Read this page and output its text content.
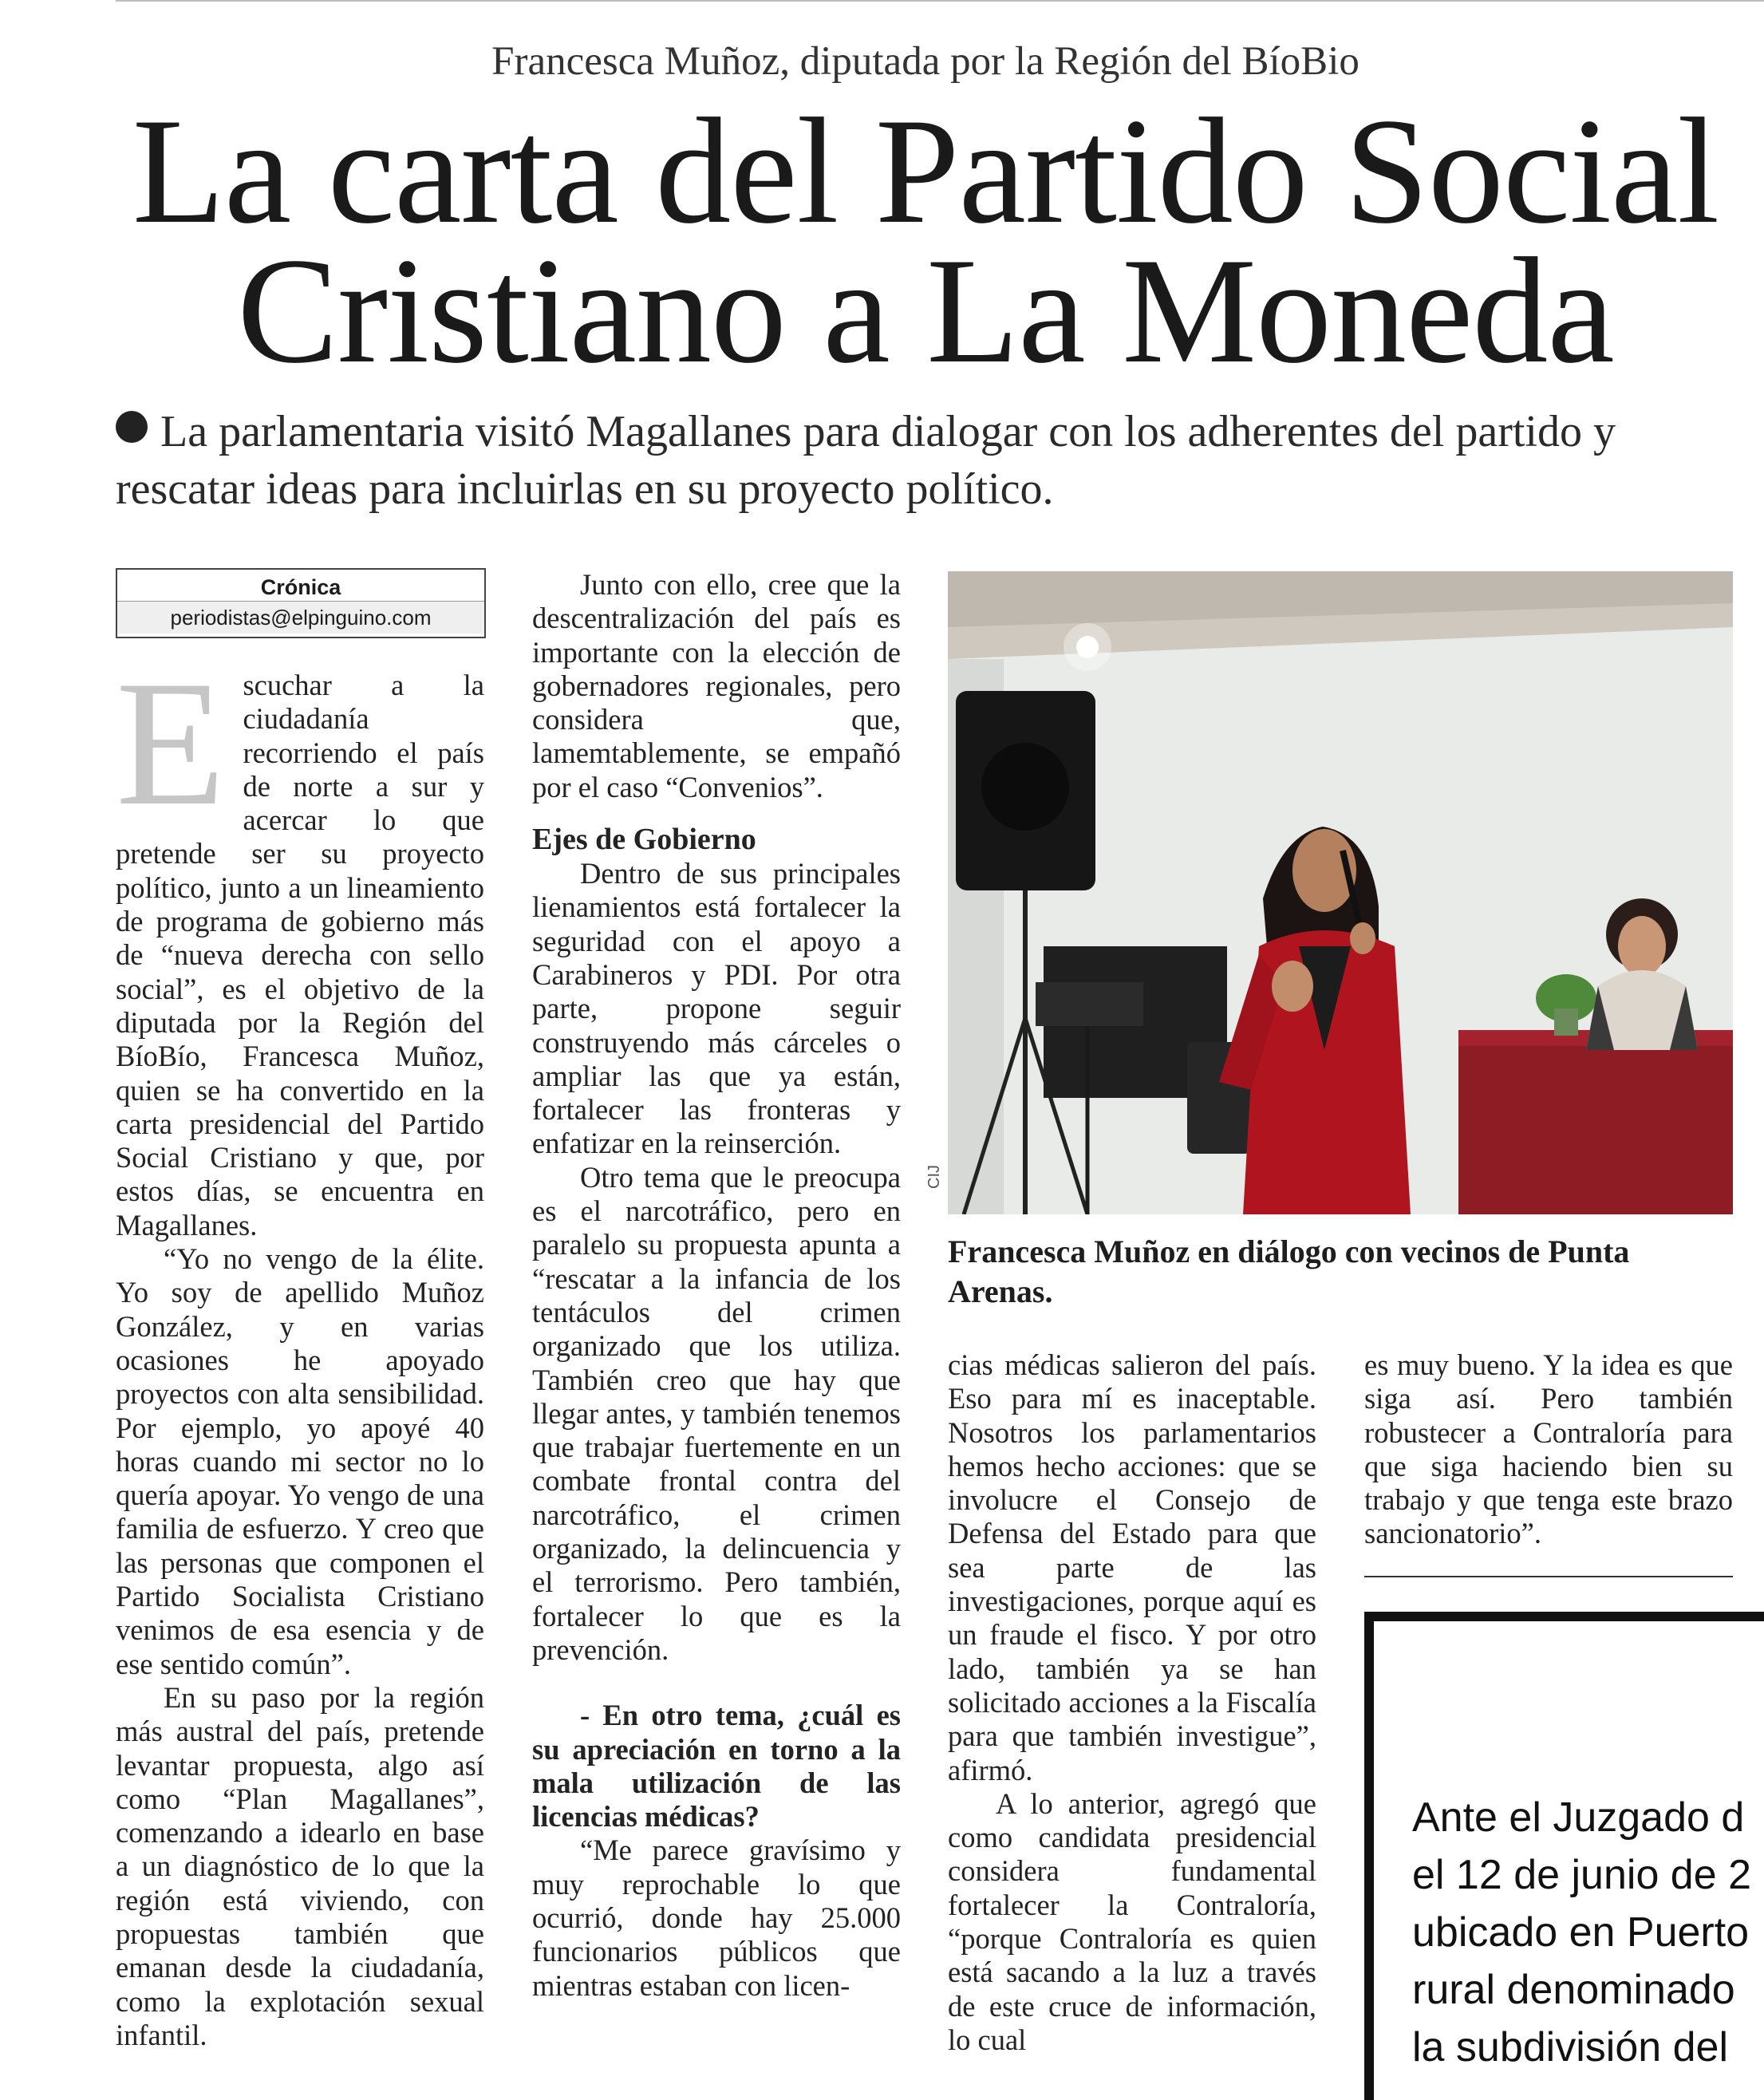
Francesca Muñoz, diputada por la Región del BíoBio
La carta del Partido Social
Cristiano a La Moneda
La parlamentaria visitó Magallanes para dialogar con los adherentes del partido y rescatar ideas para incluirlas en su proyecto político.
Crónica
periodistas@elpinguino.com

Escuchar a la ciudadanía recorriendo el país de norte a sur y acercar lo que pretende ser su proyecto político, junto a un lineamiento de programa de gobierno más de “nueva derecha con sello social”, es el objetivo de la diputada por la Región del BíoBío, Francesca Muñoz, quien se ha convertido en la carta presidencial del Partido Social Cristiano y que, por estos días, se encuentra en Magallanes.

“Yo no vengo de la élite. Yo soy de apellido Muñoz González, y en varias ocasiones he apoyado proyectos con alta sensibilidad. Por ejemplo, yo apoyé 40 horas cuando mi sector no lo quería apoyar. Yo vengo de una familia de esfuerzo. Y creo que las personas que componen el Partido Socialista Cristiano venimos de esa esencia y de ese sentido común”.

En su paso por la región más austral del país, pretende levantar propuesta, algo así como “Plan Magallanes”, comenzando a idearlo en base a un diagnóstico de lo que la región está viviendo, con propuestas también que emanan desde la ciudadanía, como la explotación sexual infantil.

Junto con ello, cree que la descentralización del país es importante con la elección de gobernadores regionales, pero considera que, lamemtablemente, se empañó por el caso “Convenios”.

Ejes de Gobierno

Dentro de sus principales lienamientos está fortalecer la seguridad con el apoyo a Carabineros y PDI. Por otra parte, propone seguir construyendo más cárceles o ampliar las que ya están, fortalecer las fronteras y enfatizar en la reinserción.

Otro tema que le preocupa es el narcotráfico, pero en paralelo su propuesta apunta a “rescatar a la infancia de los tentáculos del crimen organizado que los utiliza. También creo que hay que llegar antes, y también tenemos que trabajar fuertemente en un combate frontal contra del narcotráfico, el crimen organizado, la delincuencia y el terrorismo. Pero también, fortalecer lo que es la prevención.

- En otro tema, ¿cuál es su apreciación en torno a la mala utilización de las licencias médicas?

“Me parece gravísimo y muy reprochable lo que ocurrió, donde hay 25.000 funcionarios públicos que mientras estaban con licen-

CIJ
Francesca Muñoz en diálogo con vecinos de Punta Arenas.

cias médicas salieron del país. Eso para mí es inaceptable. Nosotros los parlamentarios hemos hecho acciones: que se involucre el Consejo de Defensa del Estado para que sea parte de las investigaciones, porque aquí es un fraude el fisco. Y por otro lado, también ya se han solicitado acciones a la Fiscalía para que también investigue”, afirmó.

A lo anterior, agregó que como candidata presidencial considera fundamental fortalecer la Contraloría, “porque Contraloría es quien está sacando a la luz a través de este cruce de información, lo cual

es muy bueno. Y la idea es que siga así. Pero también robustecer a Contraloría para que siga haciendo bien su trabajo y que tenga este brazo sancionatorio”.

Ante el Juzgado d
el 12 de junio de 2
ubicado en Puerto
rural denominado
la subdivisión del
